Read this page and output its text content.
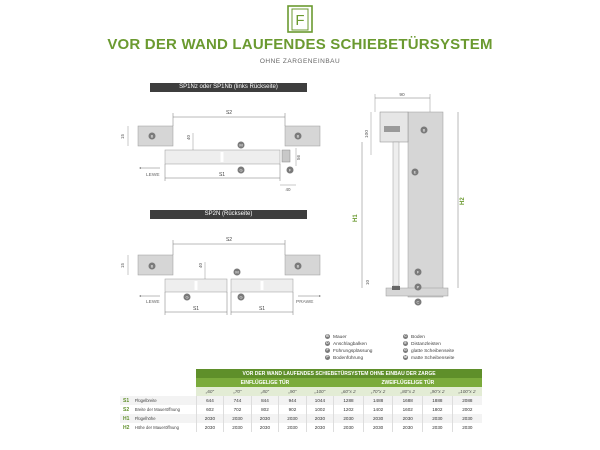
F
VOR DER WAND LAUFENDES SCHIEBETÜRSYSTEM
OHNE ZARGENEINBAU
SP1Nz oder SP1Nb (links Rückseite)
SP2N (Rückseite)
S2
S1
15	40
56
40
LEWE
B	B
M
G	F
S2
S1	S1
15	40
LEWE	PRAWE
B	B
M
G	G
90
100
H1
H2
10
B
E
F
P
C
B Mauer	C Boden
D Anschlagbalken	E Distanzleisten
F Führungsplässung	G glatte Scheibenseite
P Bodenführung	M matte Scheibenseite
		VOR DER WAND LAUFENDES SCHIEBETÜRSYSTEM OHNE EINBAU DER ZARGE									
		EINFLÜGELIGE TÜR					ZWEIFLÜGELIGE TÜR				
		„60“	„70“	„80“	„90“	„100“	„60“x 2	„70“x 2	„80“x 2	„90“x 2	„100“x 2
S1	Flügelbreite	644	744	844	944	1044	1288	1488	1688	1888	2088
S2	Breite der Maueröffnung	602	702	802	902	1002	1202	1402	1602	1802	2002
H1	Flügelhöhe	2030	2030	2030	2030	2030	2030	2030	2030	2030	2030
H2	Höhe der Maueröffnung	2030	2030	2030	2030	2030	2030	2030	2030	2030	2030
